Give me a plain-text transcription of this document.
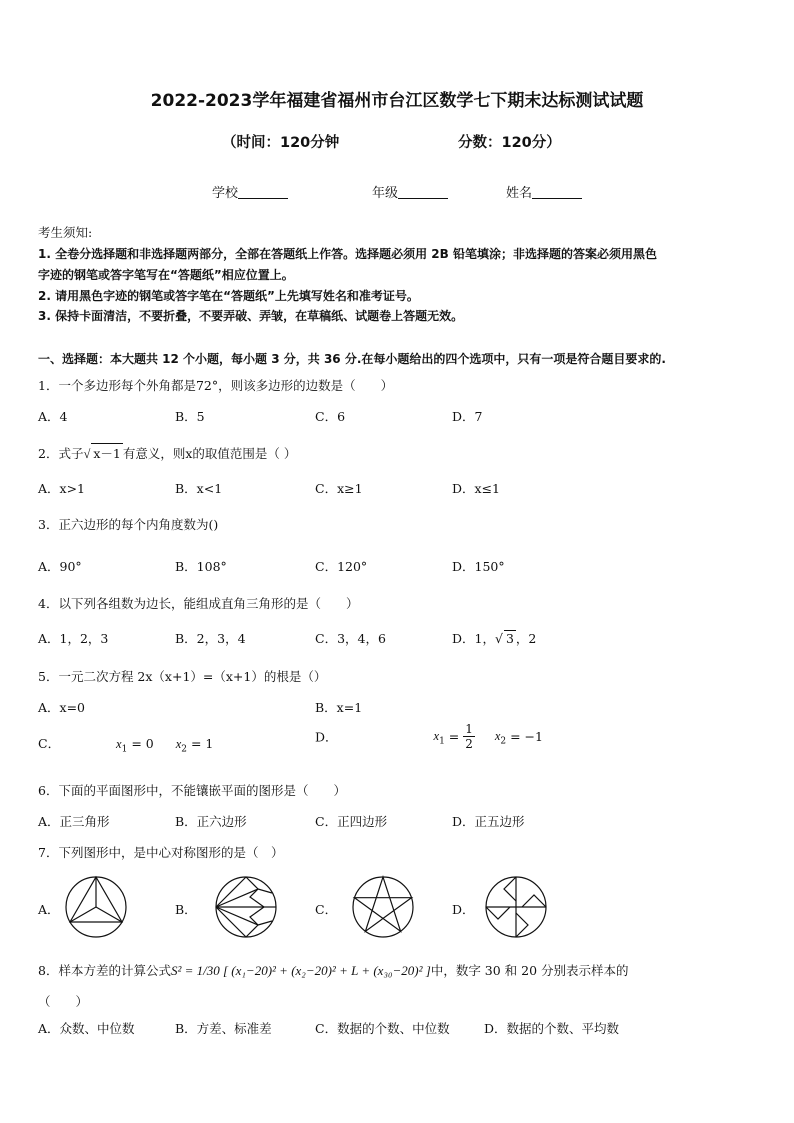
2022-2023学年福建省福州市台江区数学七下期末达标测试试题
（时间：120分钟	分数：120分）
学校	年级	姓名
考生须知:
1. 全卷分选择题和非选择题两部分，全部在答题纸上作答。选择题必须用 2B 铅笔填涂；非选择题的答案必须用黑色
字迹的钢笔或答字笔写在“答题纸”相应位置上。
2. 请用黑色字迹的钢笔或答字笔在“答题纸”上先填写姓名和准考证号。
3. 保持卡面清洁，不要折叠，不要弄破、弄皱，在草稿纸、试题卷上答题无效。
一、选择题：本大题共 12 个小题，每小题 3 分，共 36 分.在每小题给出的四个选项中，只有一项是符合题目要求的.
1．一个多边形每个外角都是72°，则该多边形的边数是（　　）
A．4	B．5	C．6	D．7
2．式子√ x－1 有意义，则x的取值范围是（ ）
A．x>1	B．x<1	C．x≥1	D．x≤1
3．正六边形的每个内角度数为()
A．90°	B．108°	C．120°	D．150°
4．以下列各组数为边长，能组成直角三角形的是（　　）
A．1，2，3	B．2，3，4	C．3，4，6	D．1，√ 3 ，2
5．一元二次方程 2x（x+1）=（x+1）的根是（）
A．x=0	B．x=1
C．	$x_1 = 0$ $x_2 = 1$	D．	$x_1 = \frac{1}{2} x_2 = -1$
6．下面的平面图形中，不能镶嵌平面的图形是（　　）
A．正三角形	B．正六边形	C．正四边形	D．正五边形
7．下列图形中，是中心对称图形的是（　）
A．	B．	C．	D．
8．样本方差的计算公式S² = 1/30 [ (x₁−20)² + (x₂−20)² + L + (x₃₀−20)² ]中，数字 30 和 20 分别表示样本的
（　　）
A．众数、中位数	B．方差、标准差	C．数据的个数、中位数	D．数据的个数、平均数
